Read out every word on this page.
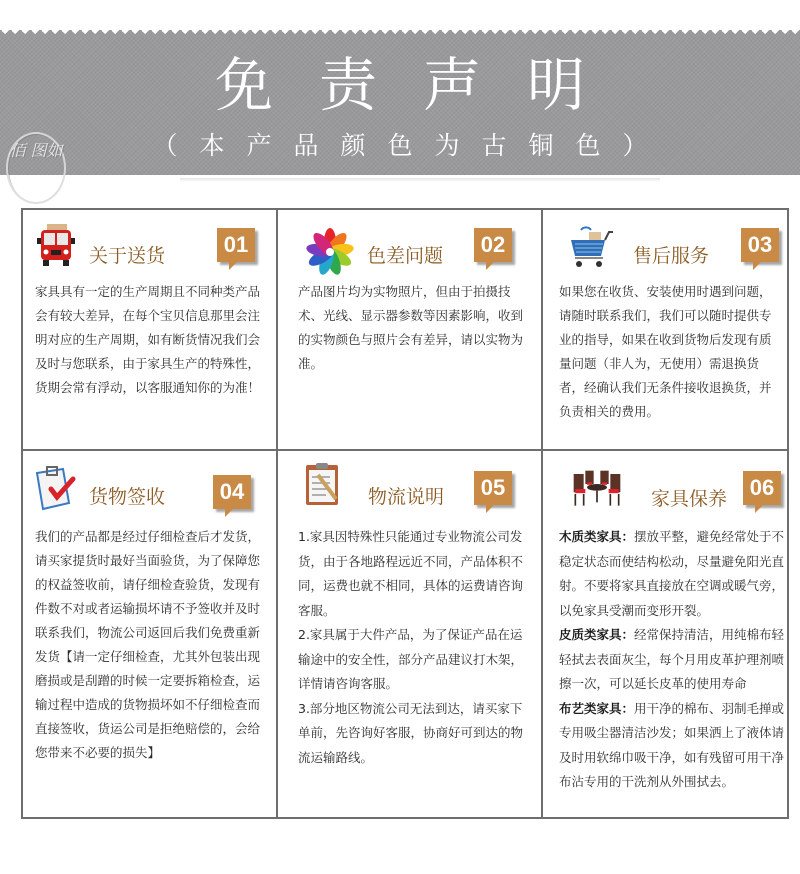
免责声明
（本产品颜色为古铜色）
佰 图如
关于送货	01
家具具有一定的生产周期且不同种类产品会有较大差异，在每个宝贝信息那里会注明对应的生产周期，如有断货情况我们会及时与您联系，由于家具生产的特殊性，货期会常有浮动，以客服通知你的为准！
色差问题	02
产品图片均为实物照片，但由于拍摄技术、光线、显示器参数等因素影响，收到的实物颜色与照片会有差异，请以实物为准。
售后服务	03
如果您在收货、安装使用时遇到问题，请随时联系我们，我们可以随时提供专业的指导，如果在收到货物后发现有质量问题（非人为，无使用）需退换货者，经确认我们无条件接收退换货，并负责相关的费用。
货物签收	04
我们的产品都是经过仔细检查后才发货，请买家提货时最好当面验货，为了保障您的权益签收前，请仔细检查验货，发现有件数不对或者运输损坏请不予签收并及时联系我们，物流公司返回后我们免费重新发货【请一定仔细检查，尤其外包装出现磨损或是刮蹭的时候一定要拆箱检查，运输过程中造成的货物损坏如不仔细检查而直接签收，货运公司是拒绝赔偿的，会给您带来不必要的损失】
物流说明	05

1.家具因特殊性只能通过专业物流公司发货，由于各地路程远近不同，产品体积不同，运费也就不相同，具体的运费请咨询客服。

2.家具属于大件产品，为了保证产品在运输途中的安全性，部分产品建议打木架，详情请咨询客服。

3.部分地区物流公司无法到达，请买家下单前，先咨询好客服，协商好可到达的物流运输路线。

家具保养	06

木质类家具：摆放平整，避免经常处于不稳定状态而使结构松动，尽量避免阳光直射。不要将家具直接放在空调或暖气旁，以免家具受潮而变形开裂。

皮质类家具：经常保持清洁，用纯棉布轻轻拭去表面灰尘，每个月用皮革护理剂喷擦一次，可以延长皮革的使用寿命

布艺类家具：用干净的棉布、羽制毛掸或专用吸尘器清洁沙发；如果洒上了液体请及时用软绵巾吸干净，如有残留可用干净布沾专用的干洗剂从外围拭去。
